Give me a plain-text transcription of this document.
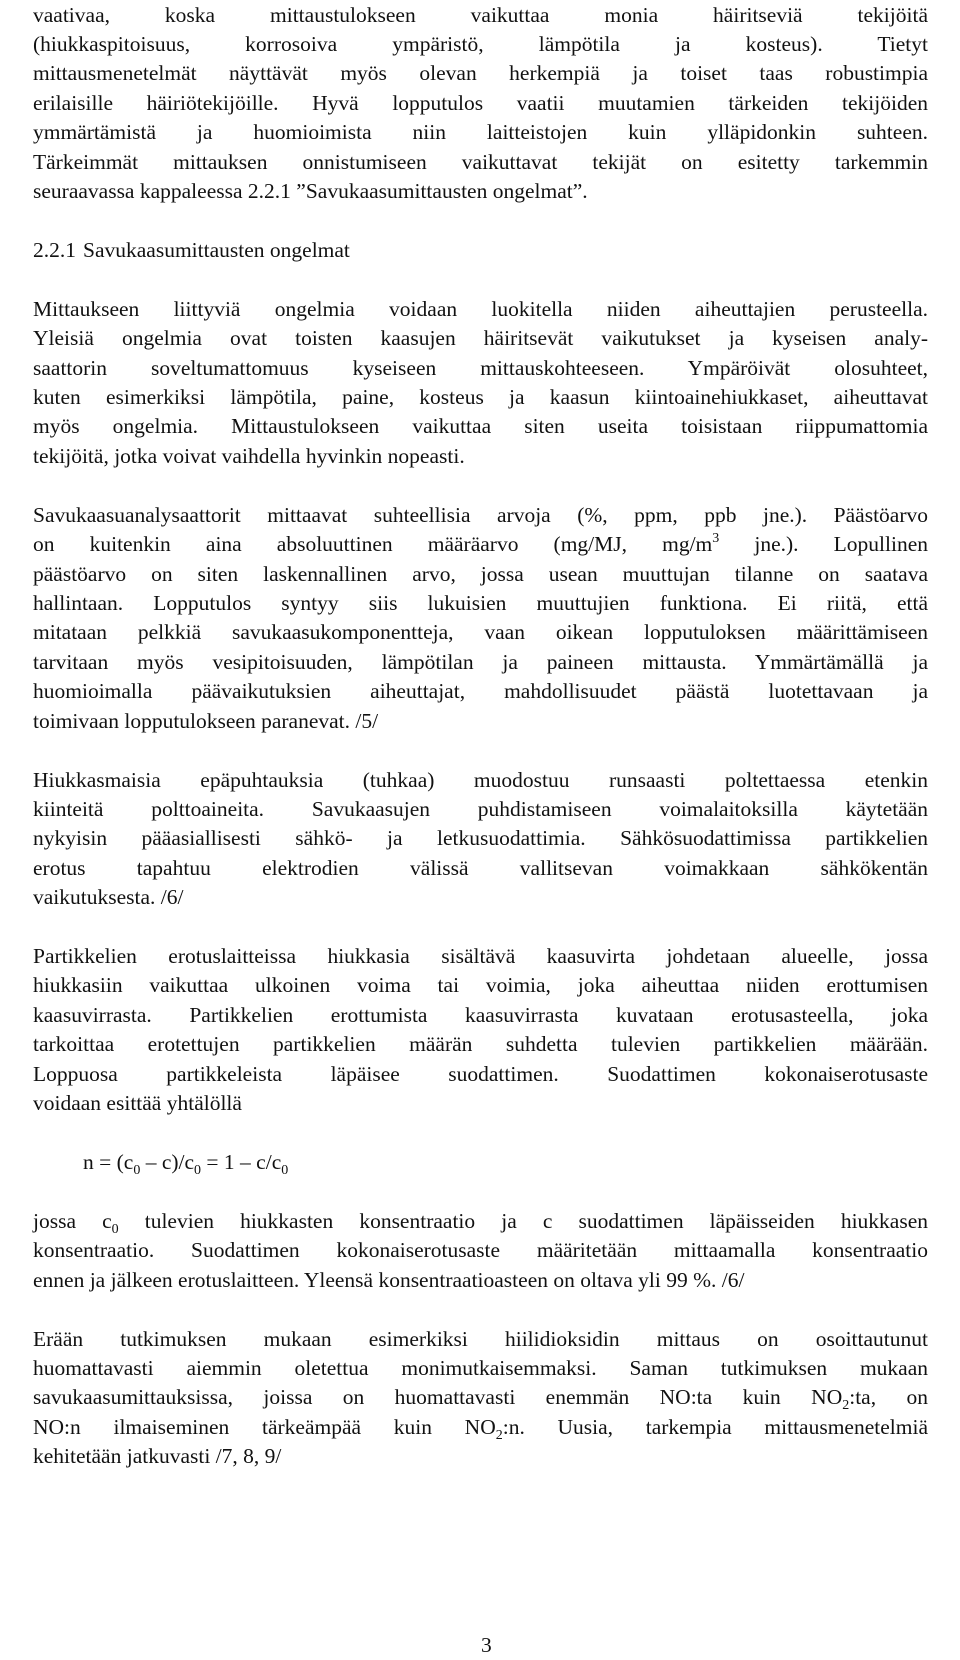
vaativaa, koska mittaustulokseen vaikuttaa monia häiritseviä tekijöitä
(hiukkaspitoisuus, korrosoiva ympäristö, lämpötila ja kosteus). Tietyt
mittausmenetelmät näyttävät myös olevan herkempiä ja toiset taas robustimpia
erilaisille häiriötekijöille. Hyvä lopputulos vaatii muutamien tärkeiden tekijöiden
ymmärtämistä ja huomioimista niin laitteistojen kuin ylläpidonkin suhteen.
Tärkeimmät mittauksen onnistumiseen vaikuttavat tekijät on esitetty tarkemmin
seuraavassa kappaleessa 2.2.1 ”Savukaasumittausten ongelmat”.
2.2.1 Savukaasumittausten ongelmat
Mittaukseen liittyviä ongelmia voidaan luokitella niiden aiheuttajien perusteella.
Yleisiä ongelmia ovat toisten kaasujen häiritsevät vaikutukset ja kyseisen analy-
saattorin soveltumattomuus kyseiseen mittauskohteeseen. Ympäröivät olosuhteet,
kuten esimerkiksi lämpötila, paine, kosteus ja kaasun kiintoainehiukkaset, aiheuttavat
myös ongelmia. Mittaustulokseen vaikuttaa siten useita toisistaan riippumattomia
tekijöitä, jotka voivat vaihdella hyvinkin nopeasti.
Savukaasuanalysaattorit mittaavat suhteellisia arvoja (%, ppm, ppb jne.). Päästöarvo
on kuitenkin aina absoluuttinen määräarvo (mg/MJ, $mg/m^3$ jne.). Lopullinen
päästöarvo on siten laskennallinen arvo, jossa usean muuttujan tilanne on saatava
hallintaan. Lopputulos syntyy siis lukuisien muuttujien funktiona. Ei riitä, että
mitataan pelkkiä savukaasukomponentteja, vaan oikean lopputuloksen määrittämiseen
tarvitaan myös vesipitoisuuden, lämpötilan ja paineen mittausta. Ymmärtämällä ja
huomioimalla päävaikutuksien aiheuttajat, mahdollisuudet päästä luotettavaan ja
toimivaan lopputulokseen paranevat. /5/
Hiukkasmaisia epäpuhtauksia (tuhkaa) muodostuu runsaasti poltettaessa etenkin
kiinteitä polttoaineita. Savukaasujen puhdistamiseen voimalaitoksilla käytetään
nykyisin pääasiallisesti sähkö- ja letkusuodattimia. Sähkösuodattimissa partikkelien
erotus tapahtuu elektrodien välissä vallitsevan voimakkaan sähkökentän
vaikutuksesta. /6/
Partikkelien erotuslaitteissa hiukkasia sisältävä kaasuvirta johdetaan alueelle, jossa
hiukkasiin vaikuttaa ulkoinen voima tai voimia, joka aiheuttaa niiden erottumisen
kaasuvirrasta. Partikkelien erottumista kaasuvirrasta kuvataan erotusasteella, joka
tarkoittaa erotettujen partikkelien määrän suhdetta tulevien partikkelien määrään.
Loppuosa partikkeleista läpäisee suodattimen. Suodattimen kokonaiserotusaste
voidaan esittää yhtälöllä
$n = (c_0 - c)/c_0 = 1 - c/c_0$
jossa $c_0$ tulevien hiukkasten konsentraatio ja c suodattimen läpäisseiden hiukkasen
konsentraatio. Suodattimen kokonaiserotusaste määritetään mittaamalla konsentraatio
ennen ja jälkeen erotuslaitteen. Yleensä konsentraatioasteen on oltava yli 99 %. /6/
Erään tutkimuksen mukaan esimerkiksi hiilidioksidin mittaus on osoittautunut
huomattavasti aiemmin oletettua monimutkaisemmaksi. Saman tutkimuksen mukaan
savukaasumittauksissa, joissa on huomattavasti enemmän NO:ta kuin $NO_2:ta$, on
NO:n ilmaiseminen tärkeämpää kuin $NO_2:n$. Uusia, tarkempia mittausmenetelmiä
kehitetään jatkuvasti /7, 8, 9/
3
